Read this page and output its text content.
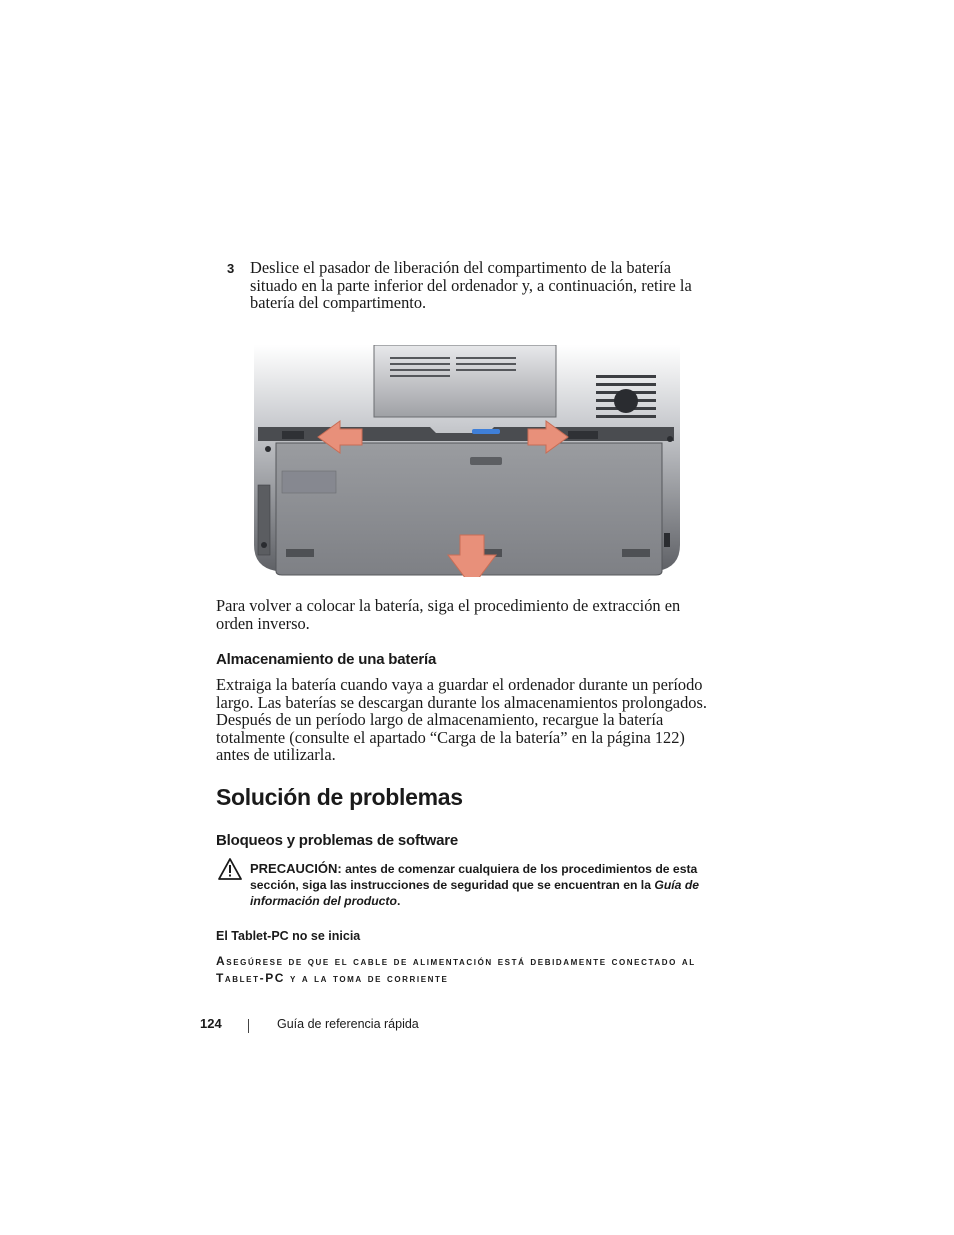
3 Deslice el pasador de liberación del compartimento de la batería situado en la parte inferior del ordenador y, a continuación, retire la batería del compartimento.
Para volver a colocar la batería, siga el procedimiento de extracción en orden inverso.
Almacenamiento de una batería
Extraiga la batería cuando vaya a guardar el ordenador durante un período largo. Las baterías se descargan durante los almacenamientos prolongados. Después de un período largo de almacenamiento, recargue la batería totalmente (consulte el apartado “Carga de la batería” en la página 122) antes de utilizarla.
Solución de problemas
Bloqueos y problemas de software
PRECAUCIÓN: antes de comenzar cualquiera de los procedimientos de esta sección, siga las instrucciones de seguridad que se encuentran en la Guía de información del producto.
El Tablet-PC no se inicia
Asegúrese de que el cable de alimentación está debidamente conectado al Tablet-PC y a la toma de corriente
124	Guía de referencia rápida
